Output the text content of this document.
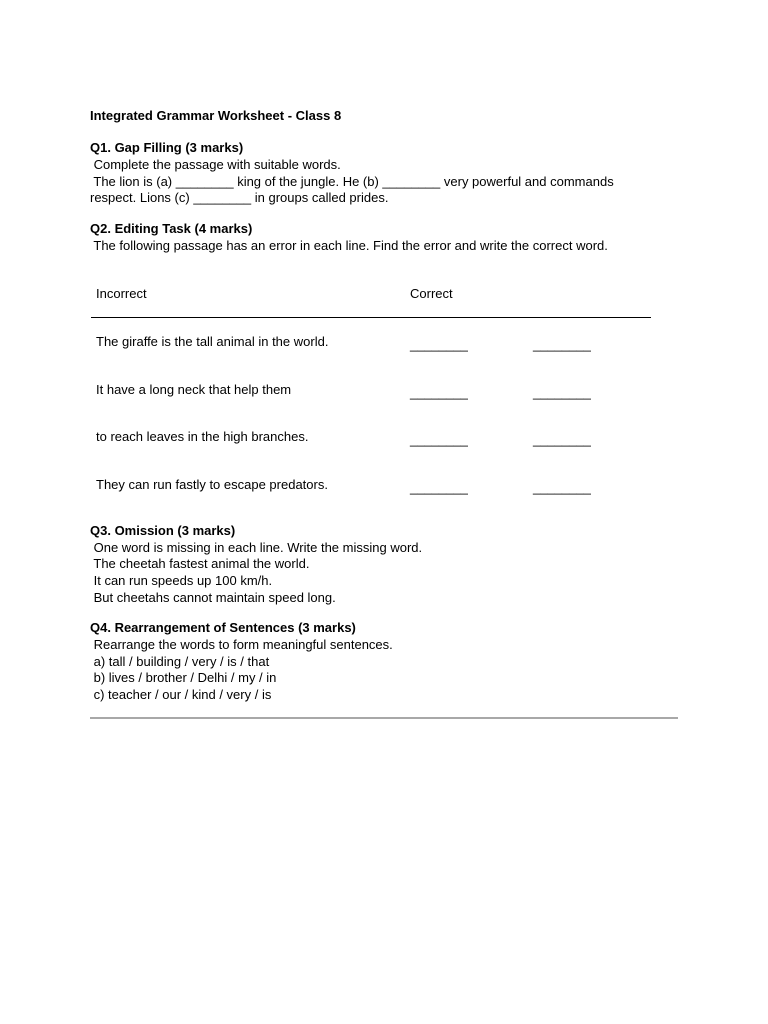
Integrated Grammar Worksheet - Class 8
Q1. Gap Filling (3 marks)
Complete the passage with suitable words.
The lion is (a) ________ king of the jungle. He (b) ________ very powerful and commands
respect. Lions (c) ________ in groups called prides.
Q2. Editing Task (4 marks)
The following passage has an error in each line. Find the error and write the correct word.
Incorrect	Correct
The giraffe is the tall animal in the world.	________	________
It have a long neck that help them	________	________
to reach leaves in the high branches.	________	________
They can run fastly to escape predators.	________	________
Q3. Omission (3 marks)
One word is missing in each line. Write the missing word.
The cheetah fastest animal the world.
It can run speeds up 100 km/h.
But cheetahs cannot maintain speed long.
Q4. Rearrangement of Sentences (3 marks)
Rearrange the words to form meaningful sentences.
a) tall / building / very / is / that
b) lives / brother / Delhi / my / in
c) teacher / our / kind / very / is
